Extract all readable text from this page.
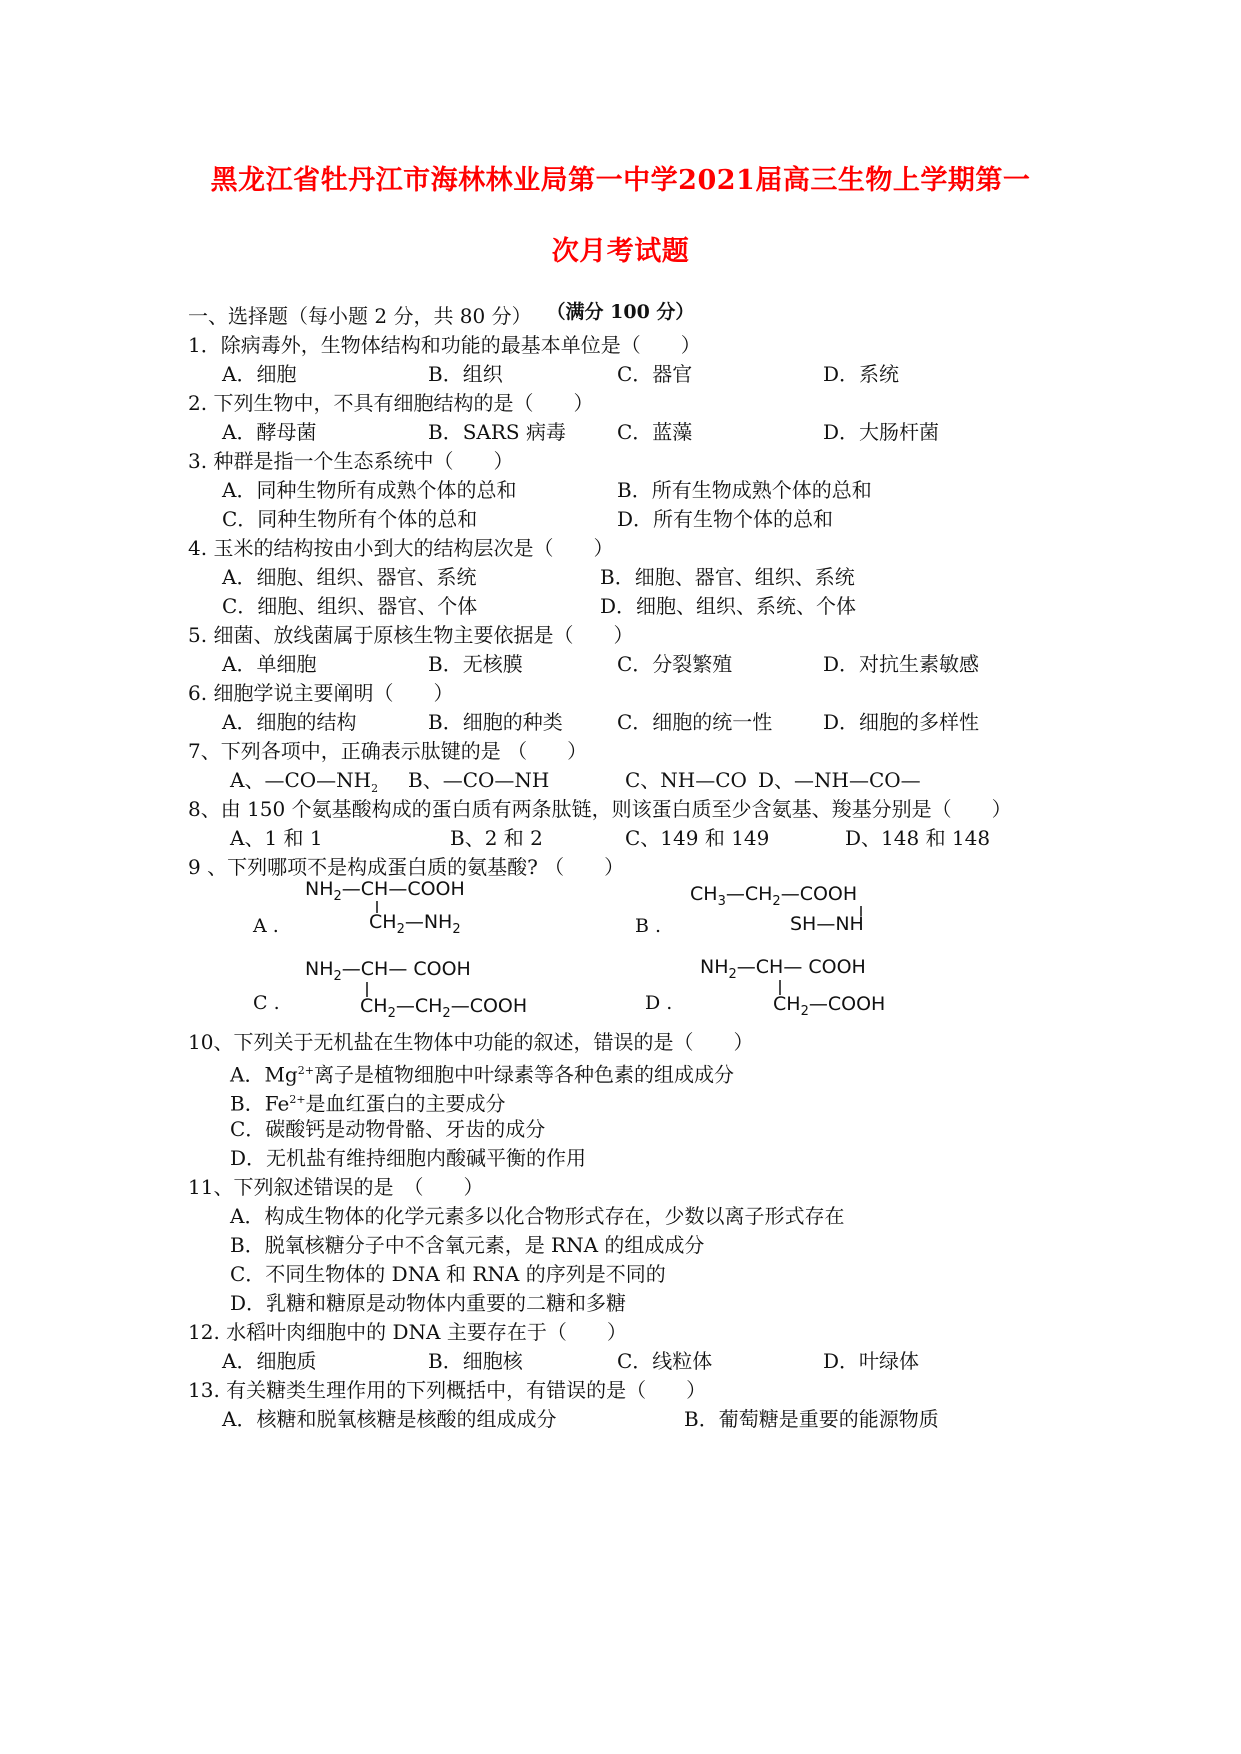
黑龙江省牡丹江市海林林业局第一中学2021届高三生物上学期第一
次月考试题
（满分 100 分）
一、选择题（每小题 2 分，共 80 分）
1．除病毒外，生物体结构和功能的最基本单位是（　　）
A．细胞	B．组织	C．器官	D．系统
2. 下列生物中，不具有细胞结构的是（　　）
A．酵母菌	B．SARS 病毒	C．蓝藻	D．大肠杆菌
3. 种群是指一个生态系统中（　　）
A．同种生物所有成熟个体的总和	B．所有生物成熟个体的总和
C．同种生物所有个体的总和	D．所有生物个体的总和
4. 玉米的结构按由小到大的结构层次是（　　）
A．细胞、组织、器官、系统	B．细胞、器官、组织、系统
C．细胞、组织、器官、个体	D．细胞、组织、系统、个体
5. 细菌、放线菌属于原核生物主要依据是（　　）
A．单细胞	B．无核膜	C．分裂繁殖	D．对抗生素敏感
6. 细胞学说主要阐明（　　）
A．细胞的结构	B．细胞的种类	C．细胞的统一性	D．细胞的多样性
7、下列各项中，正确表示肽键的是 （　　）
A、$—CO—NH_2$ B、—CO—NH	C、NH—CO D、—NH—CO—
8、由 150 个氨基酸构成的蛋白质有两条肽链，则该蛋白质至少含氨基、羧基分别是（　　）
A、1 和 1	B、2 和 2	C、149 和 149	D、148 和 148
9 、下列哪项不是构成蛋白质的氨基酸? （　　）
A .	B .
C .	D .
$NH_2—CH—COOH$
$CH_2—NH_2$
$CH_3—CH_2—COOH$
SH—NH
$NH_2—CH—$ COOH
$CH_2—CH_2—COOH$
$NH_2—CH—$ COOH
$CH_2—COOH$
10、下列关于无机盐在生物体中功能的叙述，错误的是（　　）
A．$Mg^{2+}$离子是植物细胞中叶绿素等各种色素的组成成分
B．$Fe^{2+}$是血红蛋白的主要成分
C．碳酸钙是动物骨骼、牙齿的成分
D．无机盐有维持细胞内酸碱平衡的作用
11、下列叙述错误的是　（　　）
A．构成生物体的化学元素多以化合物形式存在，少数以离子形式存在
B．脱氧核糖分子中不含氧元素，是 RNA 的组成成分
C．不同生物体的 DNA 和 RNA 的序列是不同的
D．乳糖和糖原是动物体内重要的二糖和多糖
12. 水稻叶肉细胞中的 DNA 主要存在于（　　）
A．细胞质	B．细胞核	C．线粒体	D．叶绿体
13. 有关糖类生理作用的下列概括中，有错误的是（　　）
A．核糖和脱氧核糖是核酸的组成成分	B．葡萄糖是重要的能源物质
